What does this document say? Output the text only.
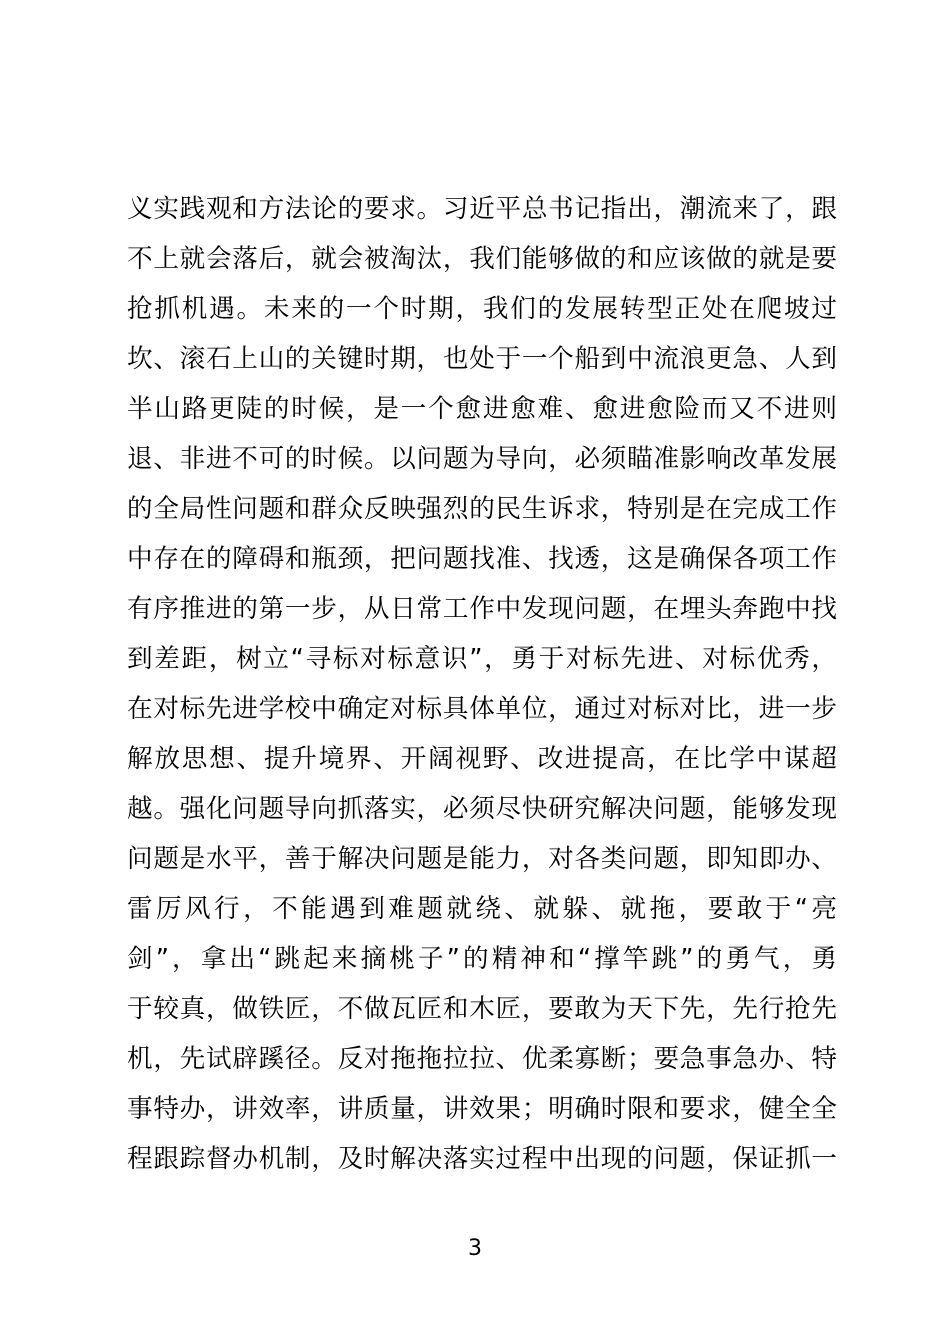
义实践观和方法论的要求。习近平总书记指出，潮流来了，跟
不上就会落后，就会被淘汰，我们能够做的和应该做的就是要
抢抓机遇。未来的一个时期，我们的发展转型正处在爬坡过
坎、滚石上山的关键时期，也处于一个船到中流浪更急、人到
半山路更陡的时候，是一个愈进愈难、愈进愈险而又不进则
退、非进不可的时候。以问题为导向，必须瞄准影响改革发展
的全局性问题和群众反映强烈的民生诉求，特别是在完成工作
中存在的障碍和瓶颈，把问题找准、找透，这是确保各项工作
有序推进的第一步，从日常工作中发现问题，在埋头奔跑中找
到差距，树立“寻标对标意识”，勇于对标先进、对标优秀，
在对标先进学校中确定对标具体单位，通过对标对比，进一步
解放思想、提升境界、开阔视野、改进提高，在比学中谋超
越。强化问题导向抓落实，必须尽快研究解决问题，能够发现
问题是水平，善于解决问题是能力，对各类问题，即知即办、
雷厉风行，不能遇到难题就绕、就躲、就拖，要敢于“亮
剑”，拿出“跳起来摘桃子”的精神和“撑竿跳”的勇气，勇
于较真，做铁匠，不做瓦匠和木匠，要敢为天下先，先行抢先
机，先试辟蹊径。反对拖拖拉拉、优柔寡断；要急事急办、特
事特办，讲效率，讲质量，讲效果；明确时限和要求，健全全
程跟踪督办机制，及时解决落实过程中出现的问题，保证抓一
3
